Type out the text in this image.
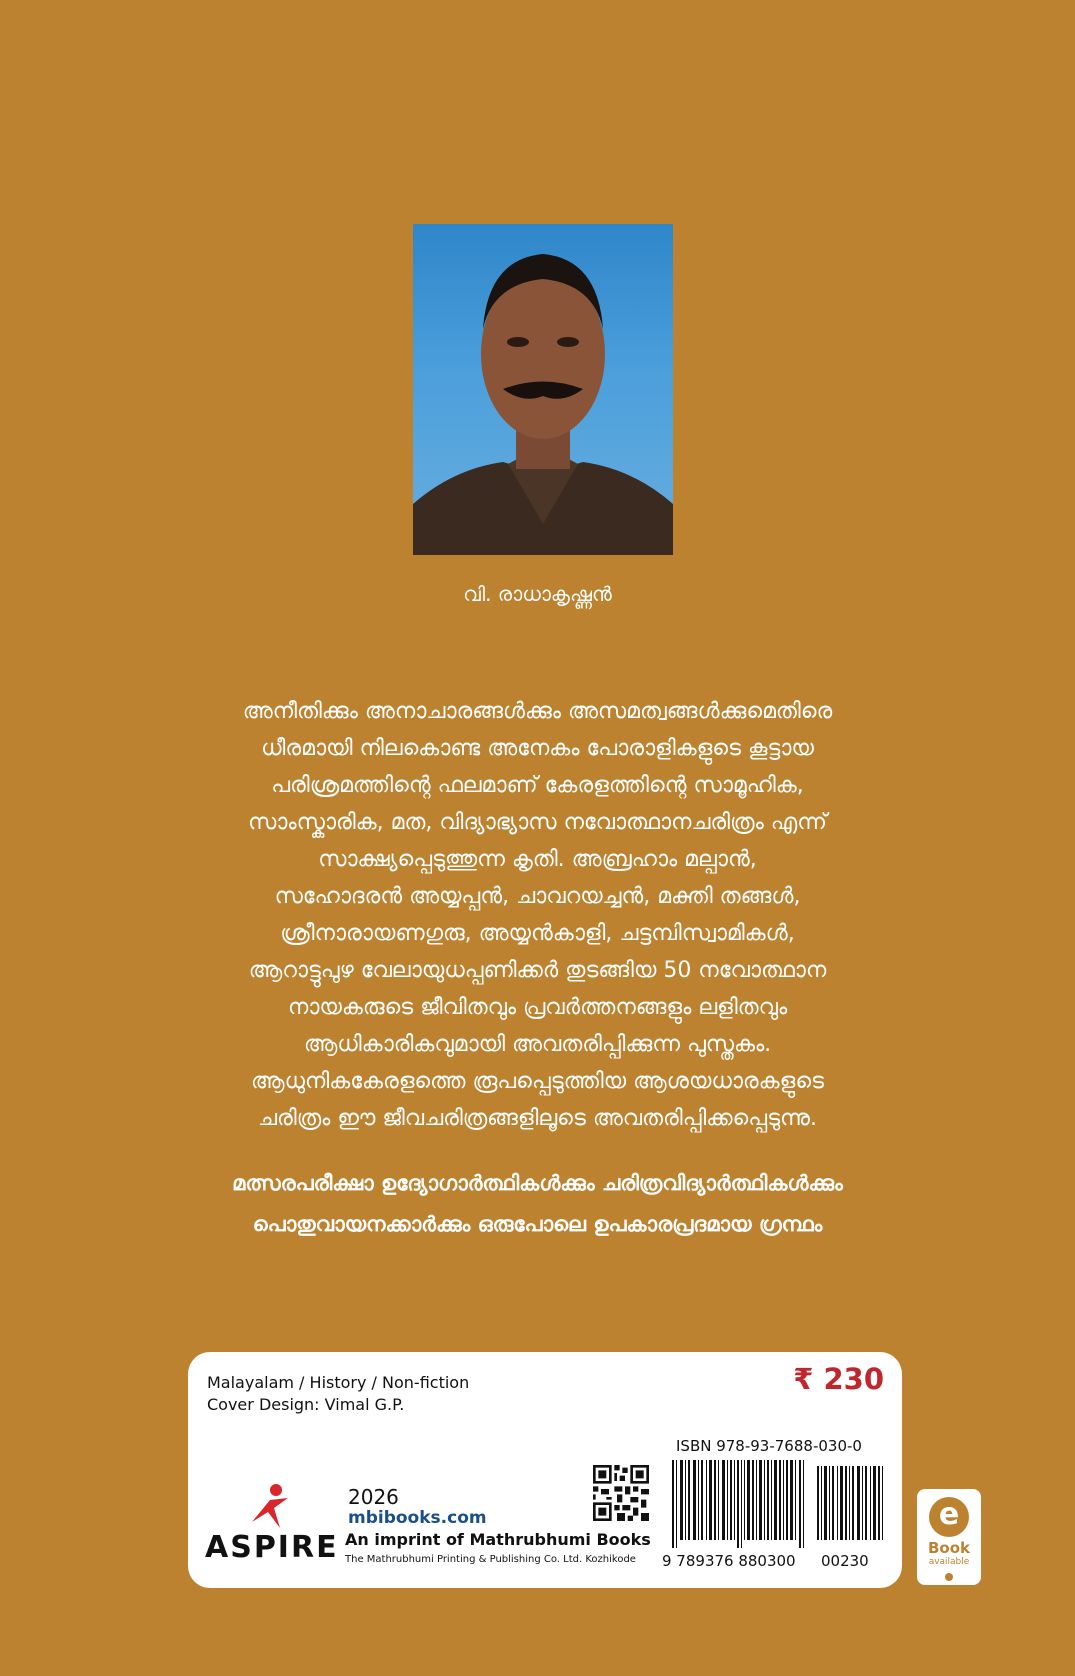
വി. രാധാകൃഷ്ണൻ
അനീതിക്കും അനാചാരങ്ങൾക്കും അസമത്വങ്ങൾക്കുമെതിരെ
ധീരമായി നിലകൊണ്ട അനേകം പോരാളികളുടെ കൂട്ടായ
പരിശ്രമത്തിന്റെ ഫലമാണ് കേരളത്തിന്റെ സാമൂഹിക,
സാംസ്കാരിക, മത, വിദ്യാഭ്യാസ നവോത്ഥാനചരിത്രം എന്ന്
സാക്ഷ്യപ്പെടുത്തുന്ന കൃതി. അബ്രഹാം മല്പാൻ,
സഹോദരൻ അയ്യപ്പൻ, ചാവറയച്ചൻ, മക്തി തങ്ങൾ,
ശ്രീനാരായണഗുരു, അയ്യൻകാളി, ചട്ടമ്പിസ്വാമികൾ,
ആറാട്ടുപുഴ വേലായുധപ്പണിക്കർ തുടങ്ങിയ 50 നവോത്ഥാന
നായകരുടെ ജീവിതവും പ്രവർത്തനങ്ങളും ലളിതവും
ആധികാരികവുമായി അവതരിപ്പിക്കുന്ന പുസ്തകം.
ആധുനികകേരളത്തെ രൂപപ്പെടുത്തിയ ആശയധാരകളുടെ
ചരിത്രം ഈ ജീവചരിത്രങ്ങളിലൂടെ അവതരിപ്പിക്കപ്പെടുന്നു.
മത്സരപരീക്ഷാ ഉദ്യോഗാർത്ഥികൾക്കും ചരിത്രവിദ്യാർത്ഥികൾക്കും
പൊതുവായനക്കാർക്കും ഒരുപോലെ ഉപകാരപ്രദമായ ഗ്രന്ഥം
Malayalam / History / Non-fiction
Cover Design: Vimal G.P.
₹ 230
ISBN 978-93-7688-030-0
ASPIRE
2026
mbibooks.com
An imprint of Mathrubhumi Books
The Mathrubhumi Printing & Publishing Co. Ltd. Kozhikode 9 789376 880300 00230
e
Book
available
